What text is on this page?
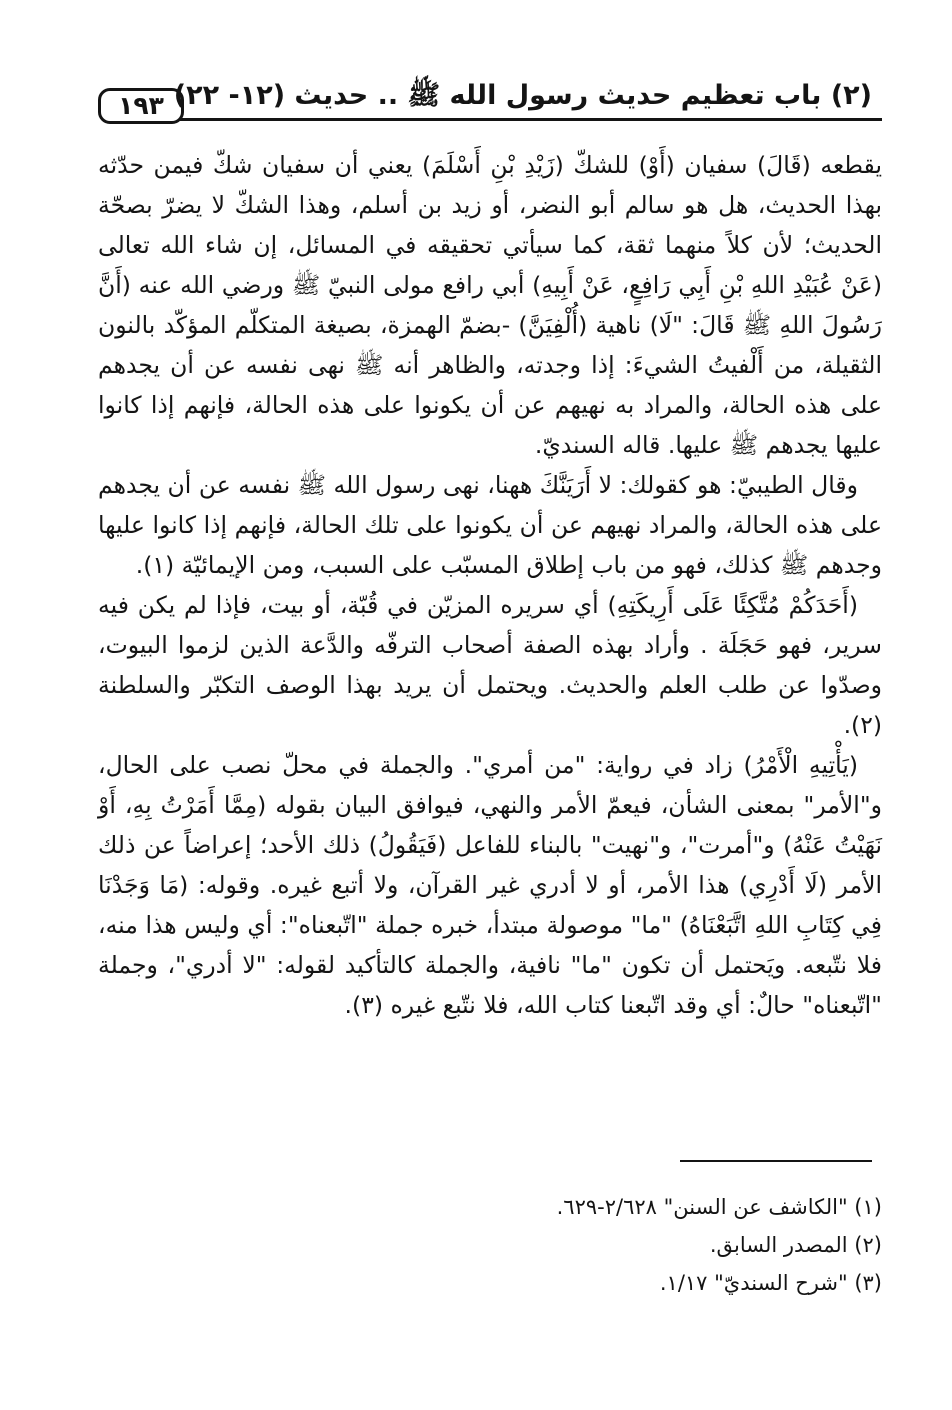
(٢) باب تعظيم حديث رسول الله ﷺ .. حديث (١٢- ٢٢)
١٩٣

يقطعه (قَالَ) سفيان (أَوْ) للشكّ (زَيْدِ بْنِ أَسْلَمَ) يعني أن سفيان شكّ فيمن حدّثه بهذا الحديث، هل هو سالم أبو النضر، أو زيد بن أسلم، وهذا الشكّ لا يضرّ بصحّة الحديث؛ لأن كلاً منهما ثقة، كما سيأتي تحقيقه في المسائل، إن شاء الله تعالى (عَنْ عُبَيْدِ اللهِ بْنِ أَبِي رَافِعٍ، عَنْ أَبِيهِ) أبي رافع مولى النبيّ ﷺ ورضي الله عنه (أَنَّ رَسُولَ اللهِ ﷺ قَالَ: "لَا) ناهية (أُلْفِيَنَّ) -بضمّ الهمزة، بصيغة المتكلّم المؤكّد بالنون الثقيلة، من أَلْفيتُ الشيءَ: إذا وجدته، والظاهر أنه ﷺ نهى نفسه عن أن يجدهم على هذه الحالة، والمراد به نهيهم عن أن يكونوا على هذه الحالة، فإنهم إذا كانوا عليها يجدهم ﷺ عليها. قاله السنديّ.

وقال الطيبيّ: هو كقولك: لا أَرَيَنَّكَ ههنا، نهى رسول الله ﷺ نفسه عن أن يجدهم على هذه الحالة، والمراد نهيهم عن أن يكونوا على تلك الحالة، فإنهم إذا كانوا عليها وجدهم ﷺ كذلك، فهو من باب إطلاق المسبّب على السبب، ومن الإيمائيّة (١).

(أَحَدَكُمْ مُتَّكِئًا عَلَى أَرِيكَتِهِ) أي سريره المزيّن في قُبّة، أو بيت، فإذا لم يكن فيه سرير، فهو حَجَلَة . وأراد بهذه الصفة أصحاب الترفّه والدَّعة الذين لزموا البيوت، وصدّوا عن طلب العلم والحديث. ويحتمل أن يريد بهذا الوصف التكبّر والسلطنة (٢).

(يَأْتِيهِ الْأَمْرُ) زاد في رواية: "من أمري". والجملة في محلّ نصب على الحال، و"الأمر" بمعنى الشأن، فيعمّ الأمر والنهي، فيوافق البيان بقوله (مِمَّا أَمَرْتُ بِهِ، أَوْ نَهَيْتُ عَنْهُ) و"أمرت"، و"نهيت" بالبناء للفاعل (فَيَقُولُ) ذلك الأحد؛ إعراضاً عن ذلك الأمر (لَا أَدْرِي) هذا الأمر، أو لا أدري غير القرآن، ولا أتبع غيره. وقوله: (مَا وَجَدْنَا فِي كِتَابِ اللهِ اتَّبَعْنَاهُ) "ما" موصولة مبتدأ، خبره جملة "اتّبعناه": أي وليس هذا منه، فلا نتّبعه. ويَحتمل أن تكون "ما" نافية، والجملة كالتأكيد لقوله: "لا أدري"، وجملة "اتّبعناه" حالٌ: أي وقد اتّبعنا كتاب الله، فلا نتّبع غيره (٣).

(١) "الكاشف عن السنن" ٢/٦٢٨-٦٢٩.
(٢) المصدر السابق.
(٣) "شرح السنديّ" ١/١٧.
